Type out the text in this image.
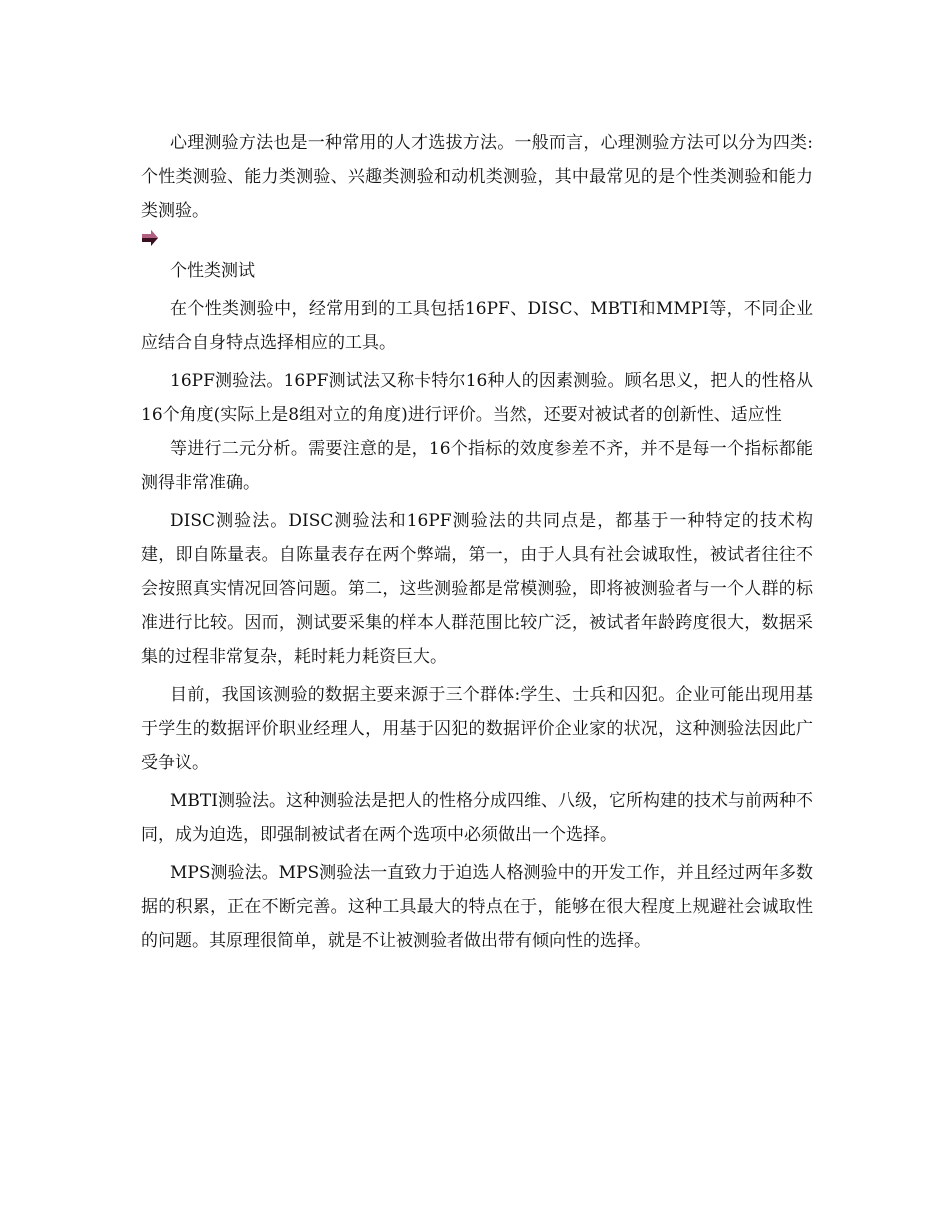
心理测验方法也是一种常用的人才选拔方法。一般而言，心理测验方法可以分为四类:个性类测验、能力类测验、兴趣类测验和动机类测验，其中最常见的是个性类测验和能力类测验。

个性类测试

在个性类测验中，经常用到的工具包括16PF、DISC、MBTI和MMPI等，不同企业应结合自身特点选择相应的工具。

16PF测验法。16PF测试法又称卡特尔16种人的因素测验。顾名思义，把人的性格从16个角度(实际上是8组对立的角度)进行评价。当然，还要对被试者的创新性、适应性

等进行二元分析。需要注意的是，16个指标的效度参差不齐，并不是每一个指标都能测得非常准确。

DISC测验法。DISC测验法和16PF测验法的共同点是，都基于一种特定的技术构建，即自陈量表。自陈量表存在两个弊端，第一，由于人具有社会诚取性，被试者往往不会按照真实情况回答问题。第二，这些测验都是常模测验，即将被测验者与一个人群的标准进行比较。因而，测试要采集的样本人群范围比较广泛，被试者年龄跨度很大，数据采集的过程非常复杂，耗时耗力耗资巨大。

目前，我国该测验的数据主要来源于三个群体:学生、士兵和囚犯。企业可能出现用基于学生的数据评价职业经理人，用基于囚犯的数据评价企业家的状况，这种测验法因此广受争议。

MBTI测验法。这种测验法是把人的性格分成四维、八级，它所构建的技术与前两种不同，成为迫选，即强制被试者在两个选项中必须做出一个选择。

MPS测验法。MPS测验法一直致力于迫选人格测验中的开发工作，并且经过两年多数据的积累，正在不断完善。这种工具最大的特点在于，能够在很大程度上规避社会诚取性的问题。其原理很简单，就是不让被测验者做出带有倾向性的选择。
